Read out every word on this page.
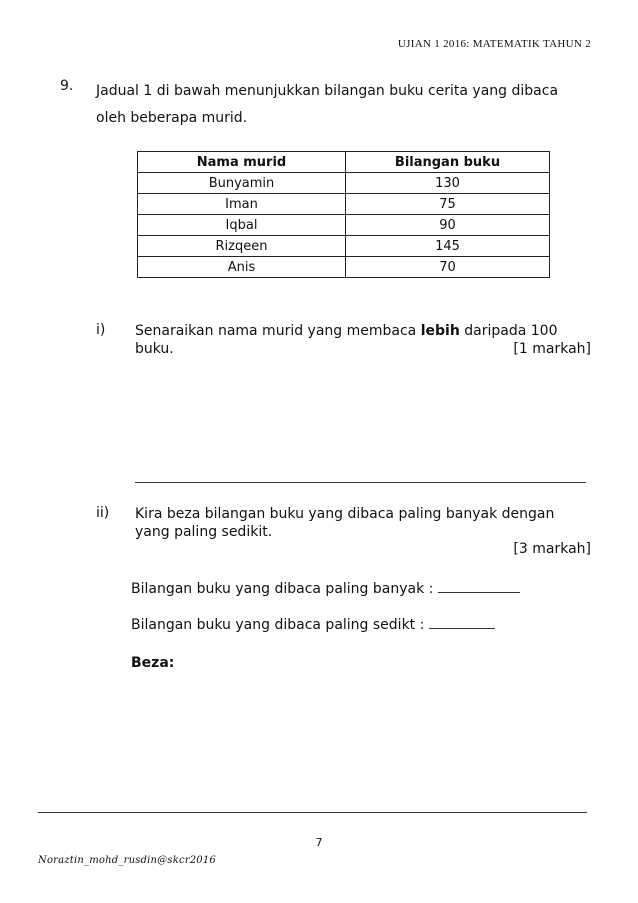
UJIAN 1 2016: MATEMATIK TAHUN 2
9. Jadual 1 di bawah menunjukkan bilangan buku cerita yang dibaca oleh beberapa murid.
Nama murid	Bilangan buku
Bunyamin	130
Iman	75
Iqbal	90
Rizqeen	145
Anis	70
i) Senaraikan nama murid yang membaca lebih daripada 100
buku.	[1 markah]
ii) Kira beza bilangan buku yang dibaca paling banyak dengan yang paling sedikit.
[3 markah]
Bilangan buku yang dibaca paling banyak :
Bilangan buku yang dibaca paling sedikt :
Beza:
7
Noraztin_mohd_rusdin@skcr2016
